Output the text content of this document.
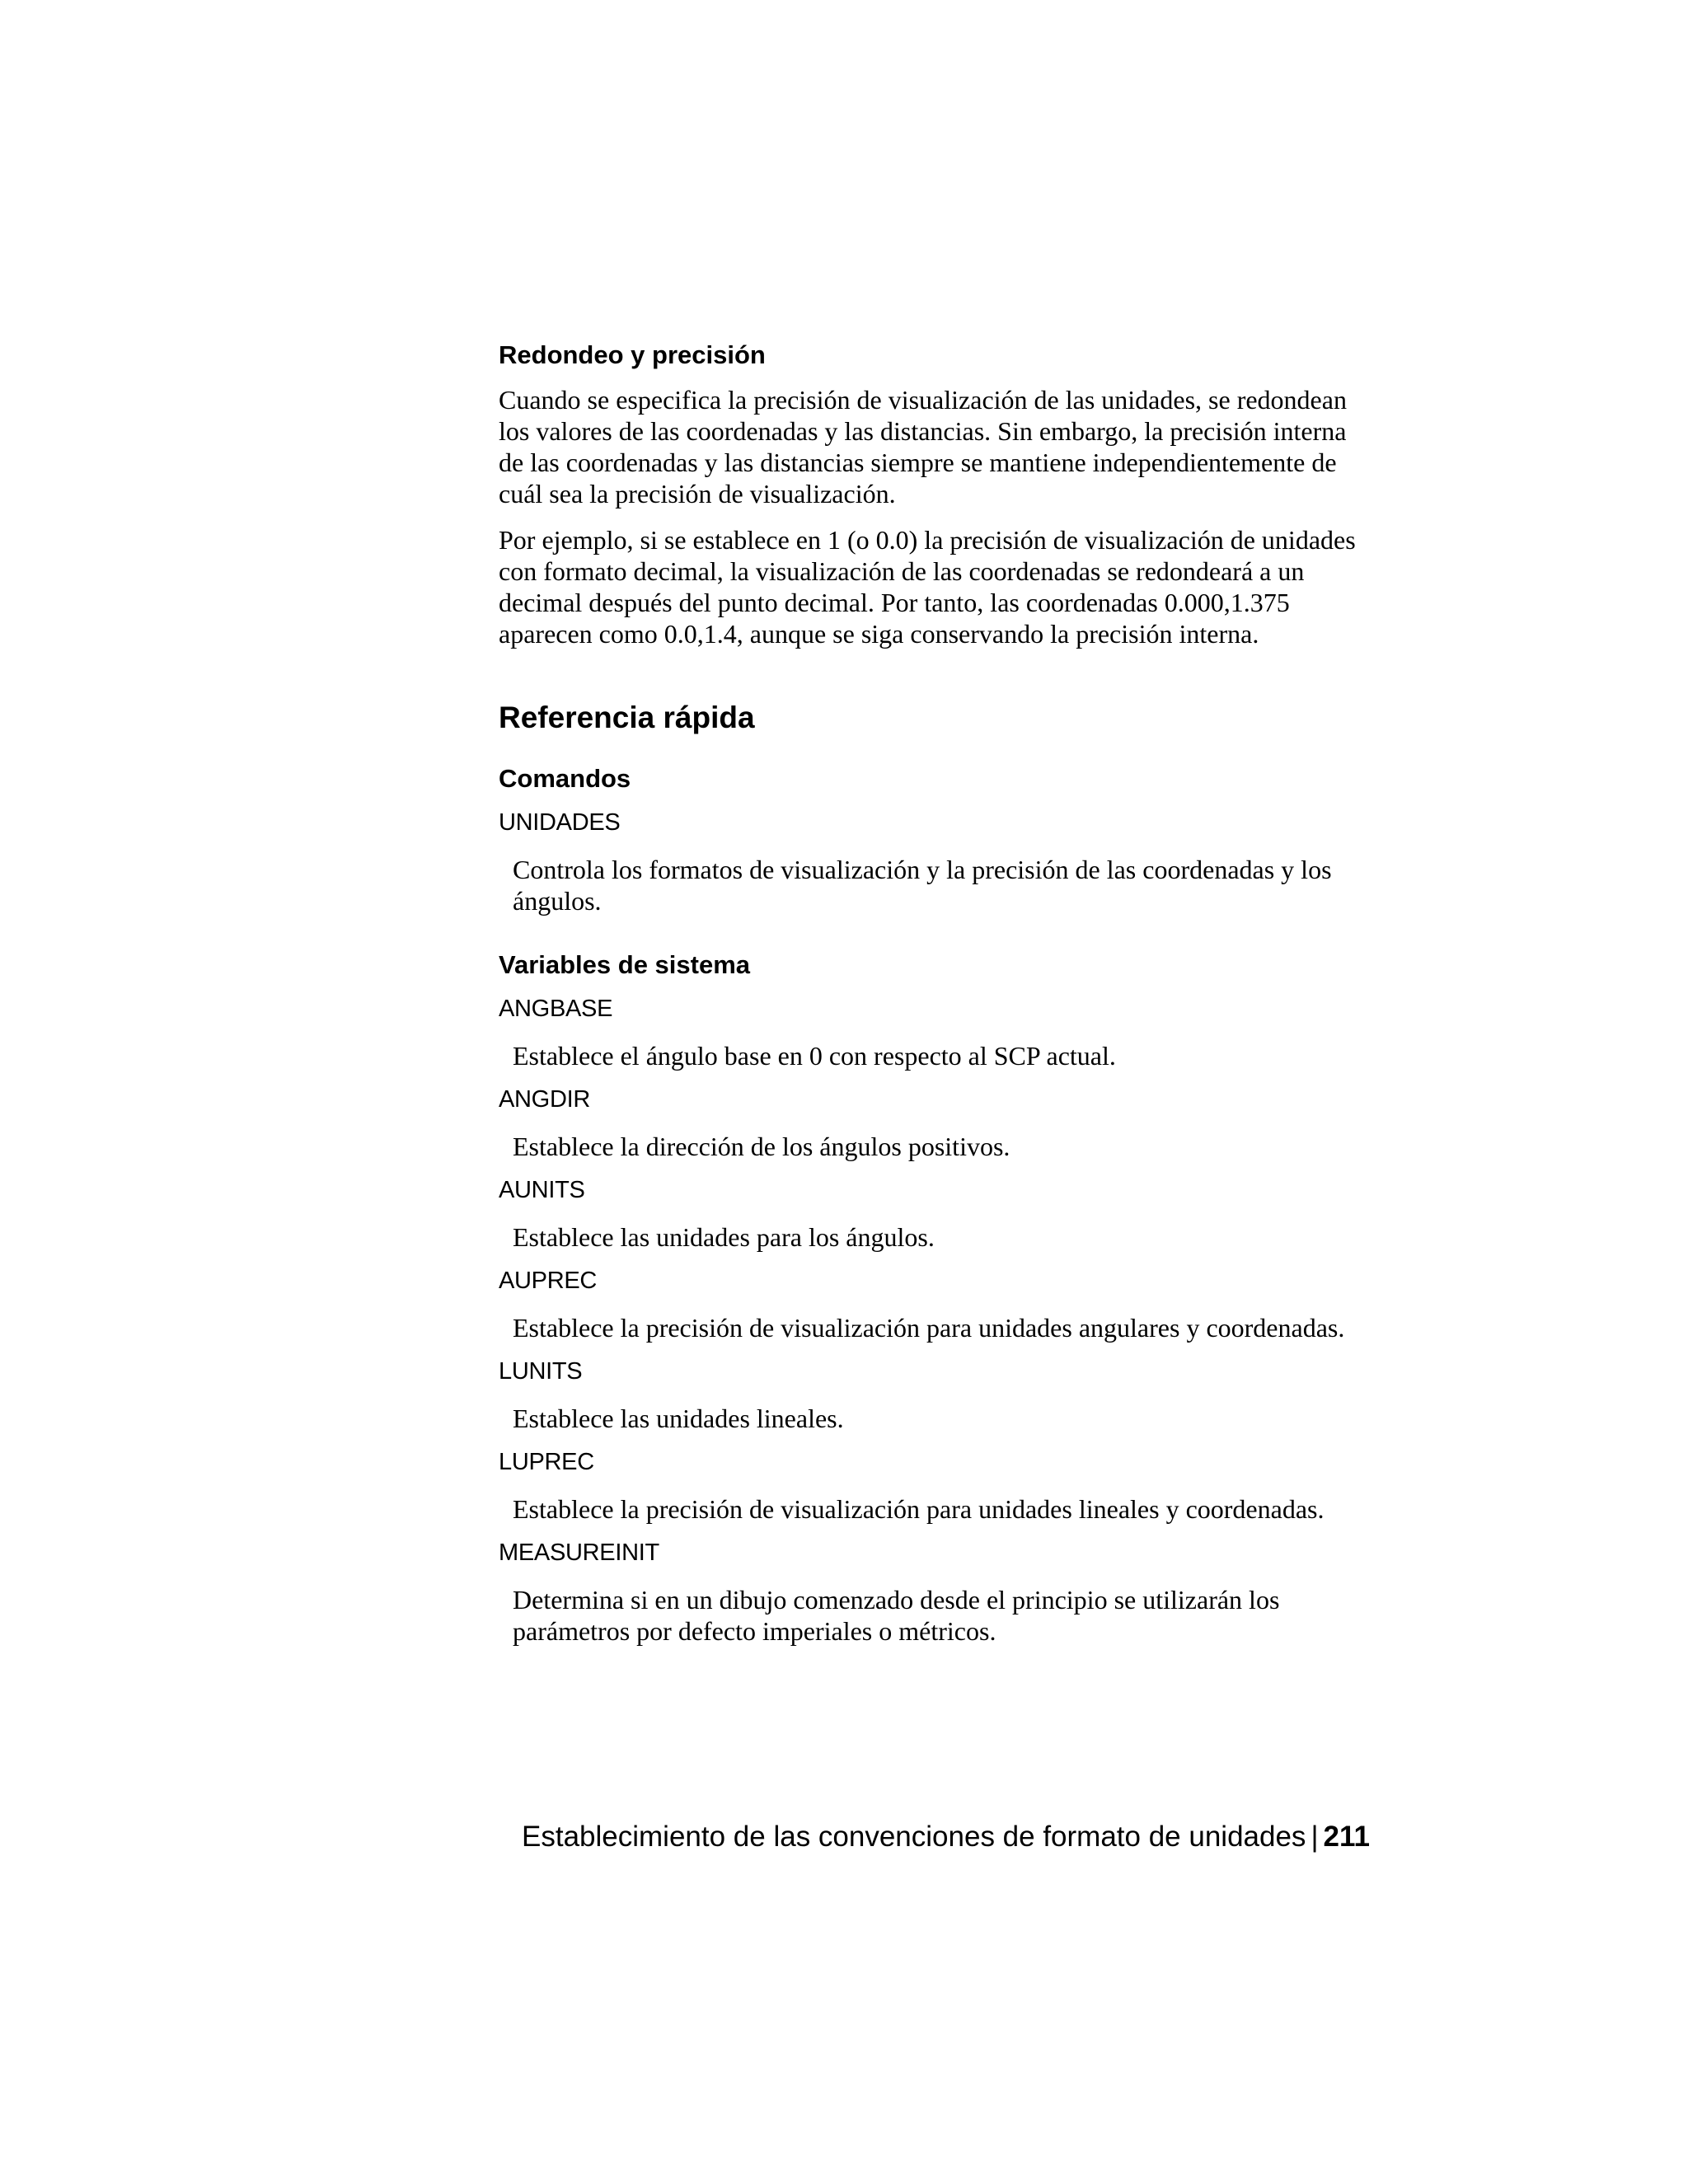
Redondeo y precisión

Cuando se especifica la precisión de visualización de las unidades, se redondean los valores de las coordenadas y las distancias. Sin embargo, la precisión interna de las coordenadas y las distancias siempre se mantiene independientemente de cuál sea la precisión de visualización.

Por ejemplo, si se establece en 1 (o 0.0) la precisión de visualización de unidades con formato decimal, la visualización de las coordenadas se redondeará a un decimal después del punto decimal. Por tanto, las coordenadas 0.000,1.375 aparecen como 0.0,1.4, aunque se siga conservando la precisión interna.

Referencia rápida
Comandos
UNIDADES
Controla los formatos de visualización y la precisión de las coordenadas y los ángulos.
Variables de sistema
ANGBASE
Establece el ángulo base en 0 con respecto al SCP actual.
ANGDIR
Establece la dirección de los ángulos positivos.
AUNITS
Establece las unidades para los ángulos.
AUPREC
Establece la precisión de visualización para unidades angulares y coordenadas.
LUNITS
Establece las unidades lineales.
LUPREC
Establece la precisión de visualización para unidades lineales y coordenadas.
MEASUREINIT
Determina si en un dibujo comenzado desde el principio se utilizarán los parámetros por defecto imperiales o métricos.
Establecimiento de las convenciones de formato de unidades | 211
